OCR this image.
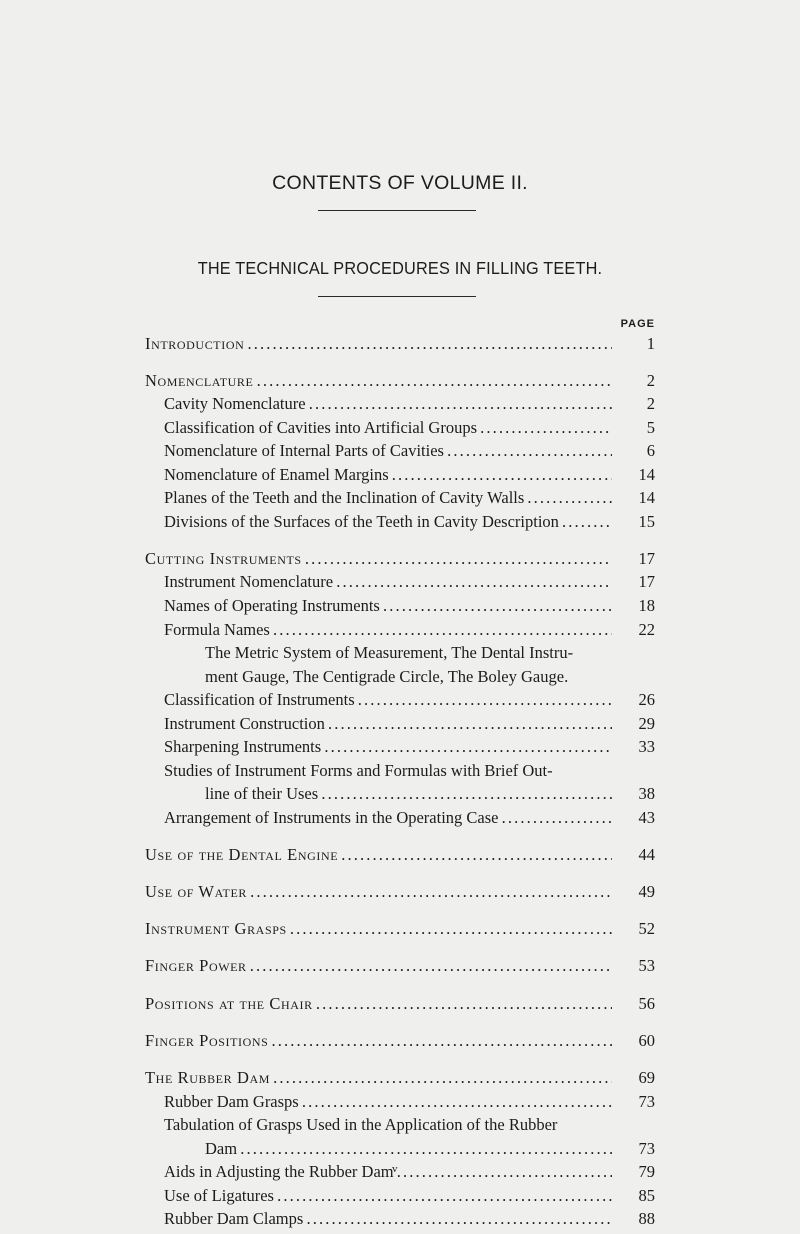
CONTENTS OF VOLUME II.
THE TECHNICAL PROCEDURES IN FILLING TEETH.
PAGE
Introduction . . .	1
Nomenclature . . .	2
Cavity Nomenclature . . .	2
Classification of Cavities into Artificial Groups . . .	5
Nomenclature of Internal Parts of Cavities . . .	6
Nomenclature of Enamel Margins . . .	14
Planes of the Teeth and the Inclination of Cavity Walls . . .	14
Divisions of the Surfaces of the Teeth in Cavity Description . . .	15
Cutting Instruments . . .	17
Instrument Nomenclature . . .	17
Names of Operating Instruments . . .	18
Formula Names . . .	22
The Metric System of Measurement, The Dental Instru-
ment Gauge, The Centigrade Circle, The Boley Gauge.
Classification of Instruments . . .	26
Instrument Construction . . .	29
Sharpening Instruments . . .	33
Studies of Instrument Forms and Formulas with Brief Out-
line of their Uses . . .	38
Arrangement of Instruments in the Operating Case . . .	43
Use of the Dental Engine . . .	44
Use of Water . . .	49
Instrument Grasps . . .	52
Finger Power . . .	53
Positions at the Chair . . .	56
Finger Positions . . .	60
The Rubber Dam . . .	69
Rubber Dam Grasps . . .	73
Tabulation of Grasps Used in the Application of the Rubber
Dam . . .	73
Aids in Adjusting the Rubber Dam . . .	79
Use of Ligatures . . .	85
Rubber Dam Clamps . . .	88
v
